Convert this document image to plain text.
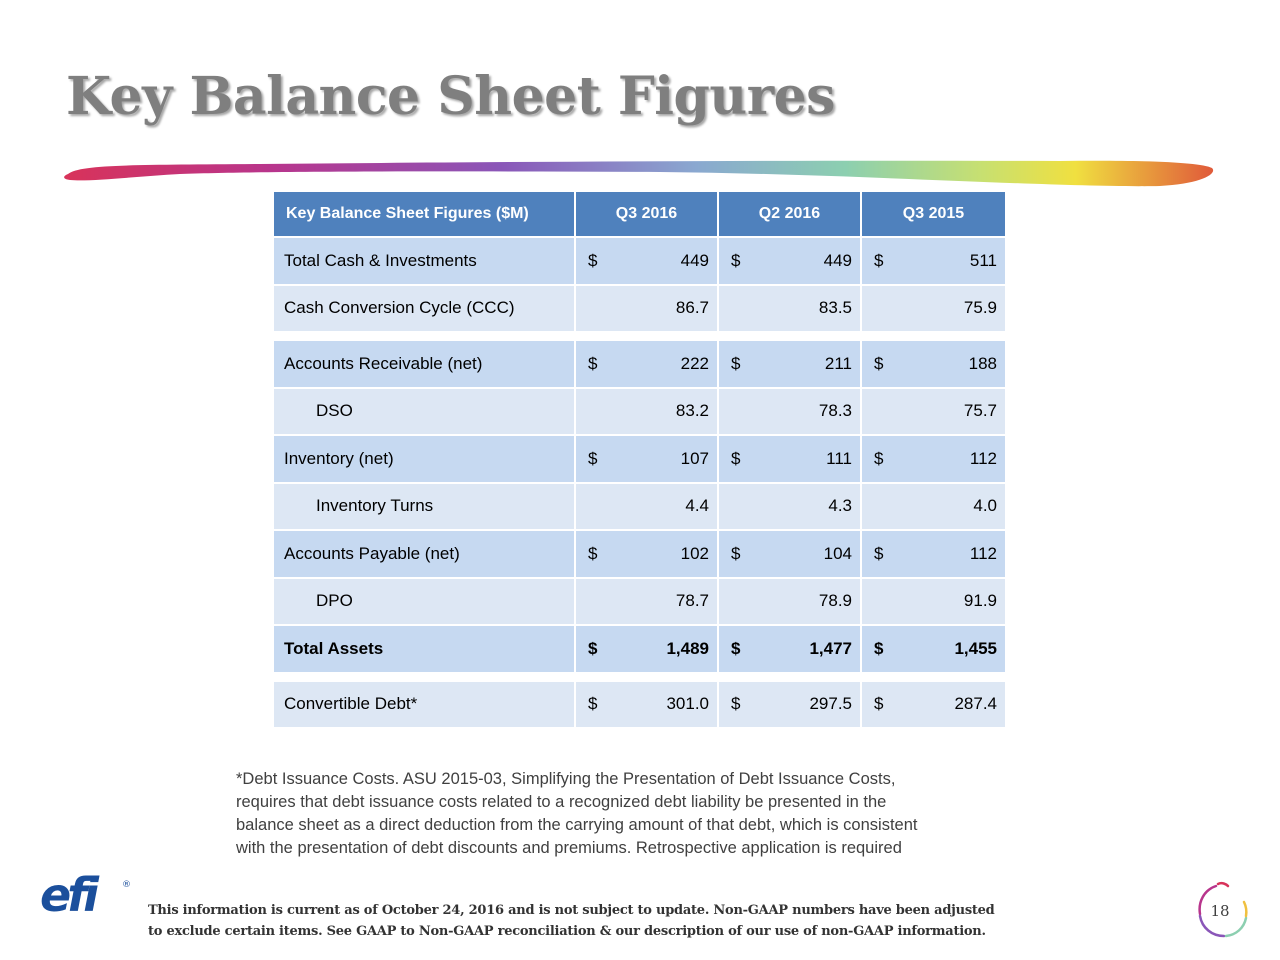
Key Balance Sheet Figures
Key Balance Sheet Figures ($M)	Q3 2016	Q2 2016	Q3 2015
Total Cash & Investments	$ 449	$ 449	$ 511

Cash Conversion Cycle (CCC)	86.7	83.5	75.9

Accounts Receivable (net)	$ 222	$ 211	$ 188

DSO	83.2	78.3	75.7

Inventory (net)	$ 107	$ 111	$ 112

Inventory Turns	4.4	4.3	4.0

Accounts Payable (net)	$ 102	$ 104	$ 112

DPO	78.7	78.9	91.9

Total Assets	$ 1,489	$ 1,477	$ 1,455

Convertible Debt*	$ 301.0	$ 297.5	$ 287.4

*Debt Issuance Costs. ASU 2015-03, Simplifying the Presentation of Debt Issuance Costs,
requires that debt issuance costs related to a recognized debt liability be presented in the
balance sheet as a direct deduction from the carrying amount of that debt, which is consistent
with the presentation of debt discounts and premiums. Retrospective application is required

efi	®

This information is current as of October 24, 2016 and is not subject to update. Non-GAAP numbers have been adjusted
to exclude certain items. See GAAP to Non-GAAP reconciliation & our description of our use of non-GAAP information.

18
